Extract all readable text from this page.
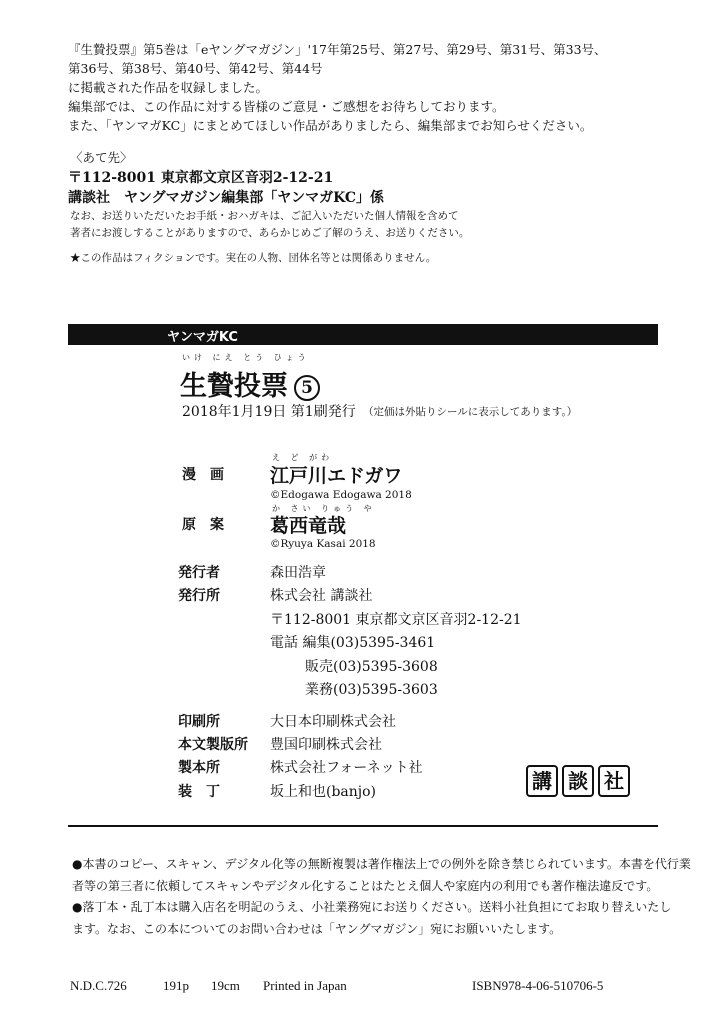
『生贄投票』第5巻は「eヤングマガジン」'17年第25号、第27号、第29号、第31号、第33号、
第36号、第38号、第40号、第42号、第44号
に掲載された作品を収録しました。
編集部では、この作品に対する皆様のご意見・ご感想をお待ちしております。
また、「ヤンマガKC」にまとめてほしい作品がありましたら、編集部までお知らせください。
〈あて先〉
〒112-8001 東京都文京区音羽2-12-21
講談社　ヤングマガジン編集部「ヤンマガKC」係
なお、お送りいただいたお手紙・おハガキは、ご記入いただいた個人情報を含めて
著者にお渡しすることがありますので、あらかじめご了解のうえ、お送りください。
★この作品はフィクションです。実在の人物、団体名等とは関係ありません。
ヤンマガKC
いけ にえ とう ひょう
生贄投票 5
2018年1月19日 第1刷発行 （定価は外貼りシールに表示してあります。）
漫　画
え ど がわ
江戸川エドガワ
©Edogawa Edogawa 2018
原　案
か さい りゅう や
葛西竜哉
©Ryuya Kasai 2018
発行者	森田浩章
発行所	株式会社 講談社
〒112-8001 東京都文京区音羽2-12-21
電話 編集(03)5395-3461
販売(03)5395-3608
業務(03)5395-3603
印刷所	大日本印刷株式会社
本文製版所 豊国印刷株式会社
製本所	株式会社フォーネット社
装　丁	坂上和也(banjo)	講 談 社
●本書のコピー、スキャン、デジタル化等の無断複製は著作権法上での例外を除き禁じられています。本書を代行業
者等の第三者に依頼してスキャンやデジタル化することはたとえ個人や家庭内の利用でも著作権法違反です。
●落丁本・乱丁本は購入店名を明記のうえ、小社業務宛にお送りください。送料小社負担にてお取り替えいたし
ます。なお、この本についてのお問い合わせは「ヤングマガジン」宛にお願いいたします。
N.D.C.726	191p 19cm Printed in Japan	ISBN978-4-06-510706-5
